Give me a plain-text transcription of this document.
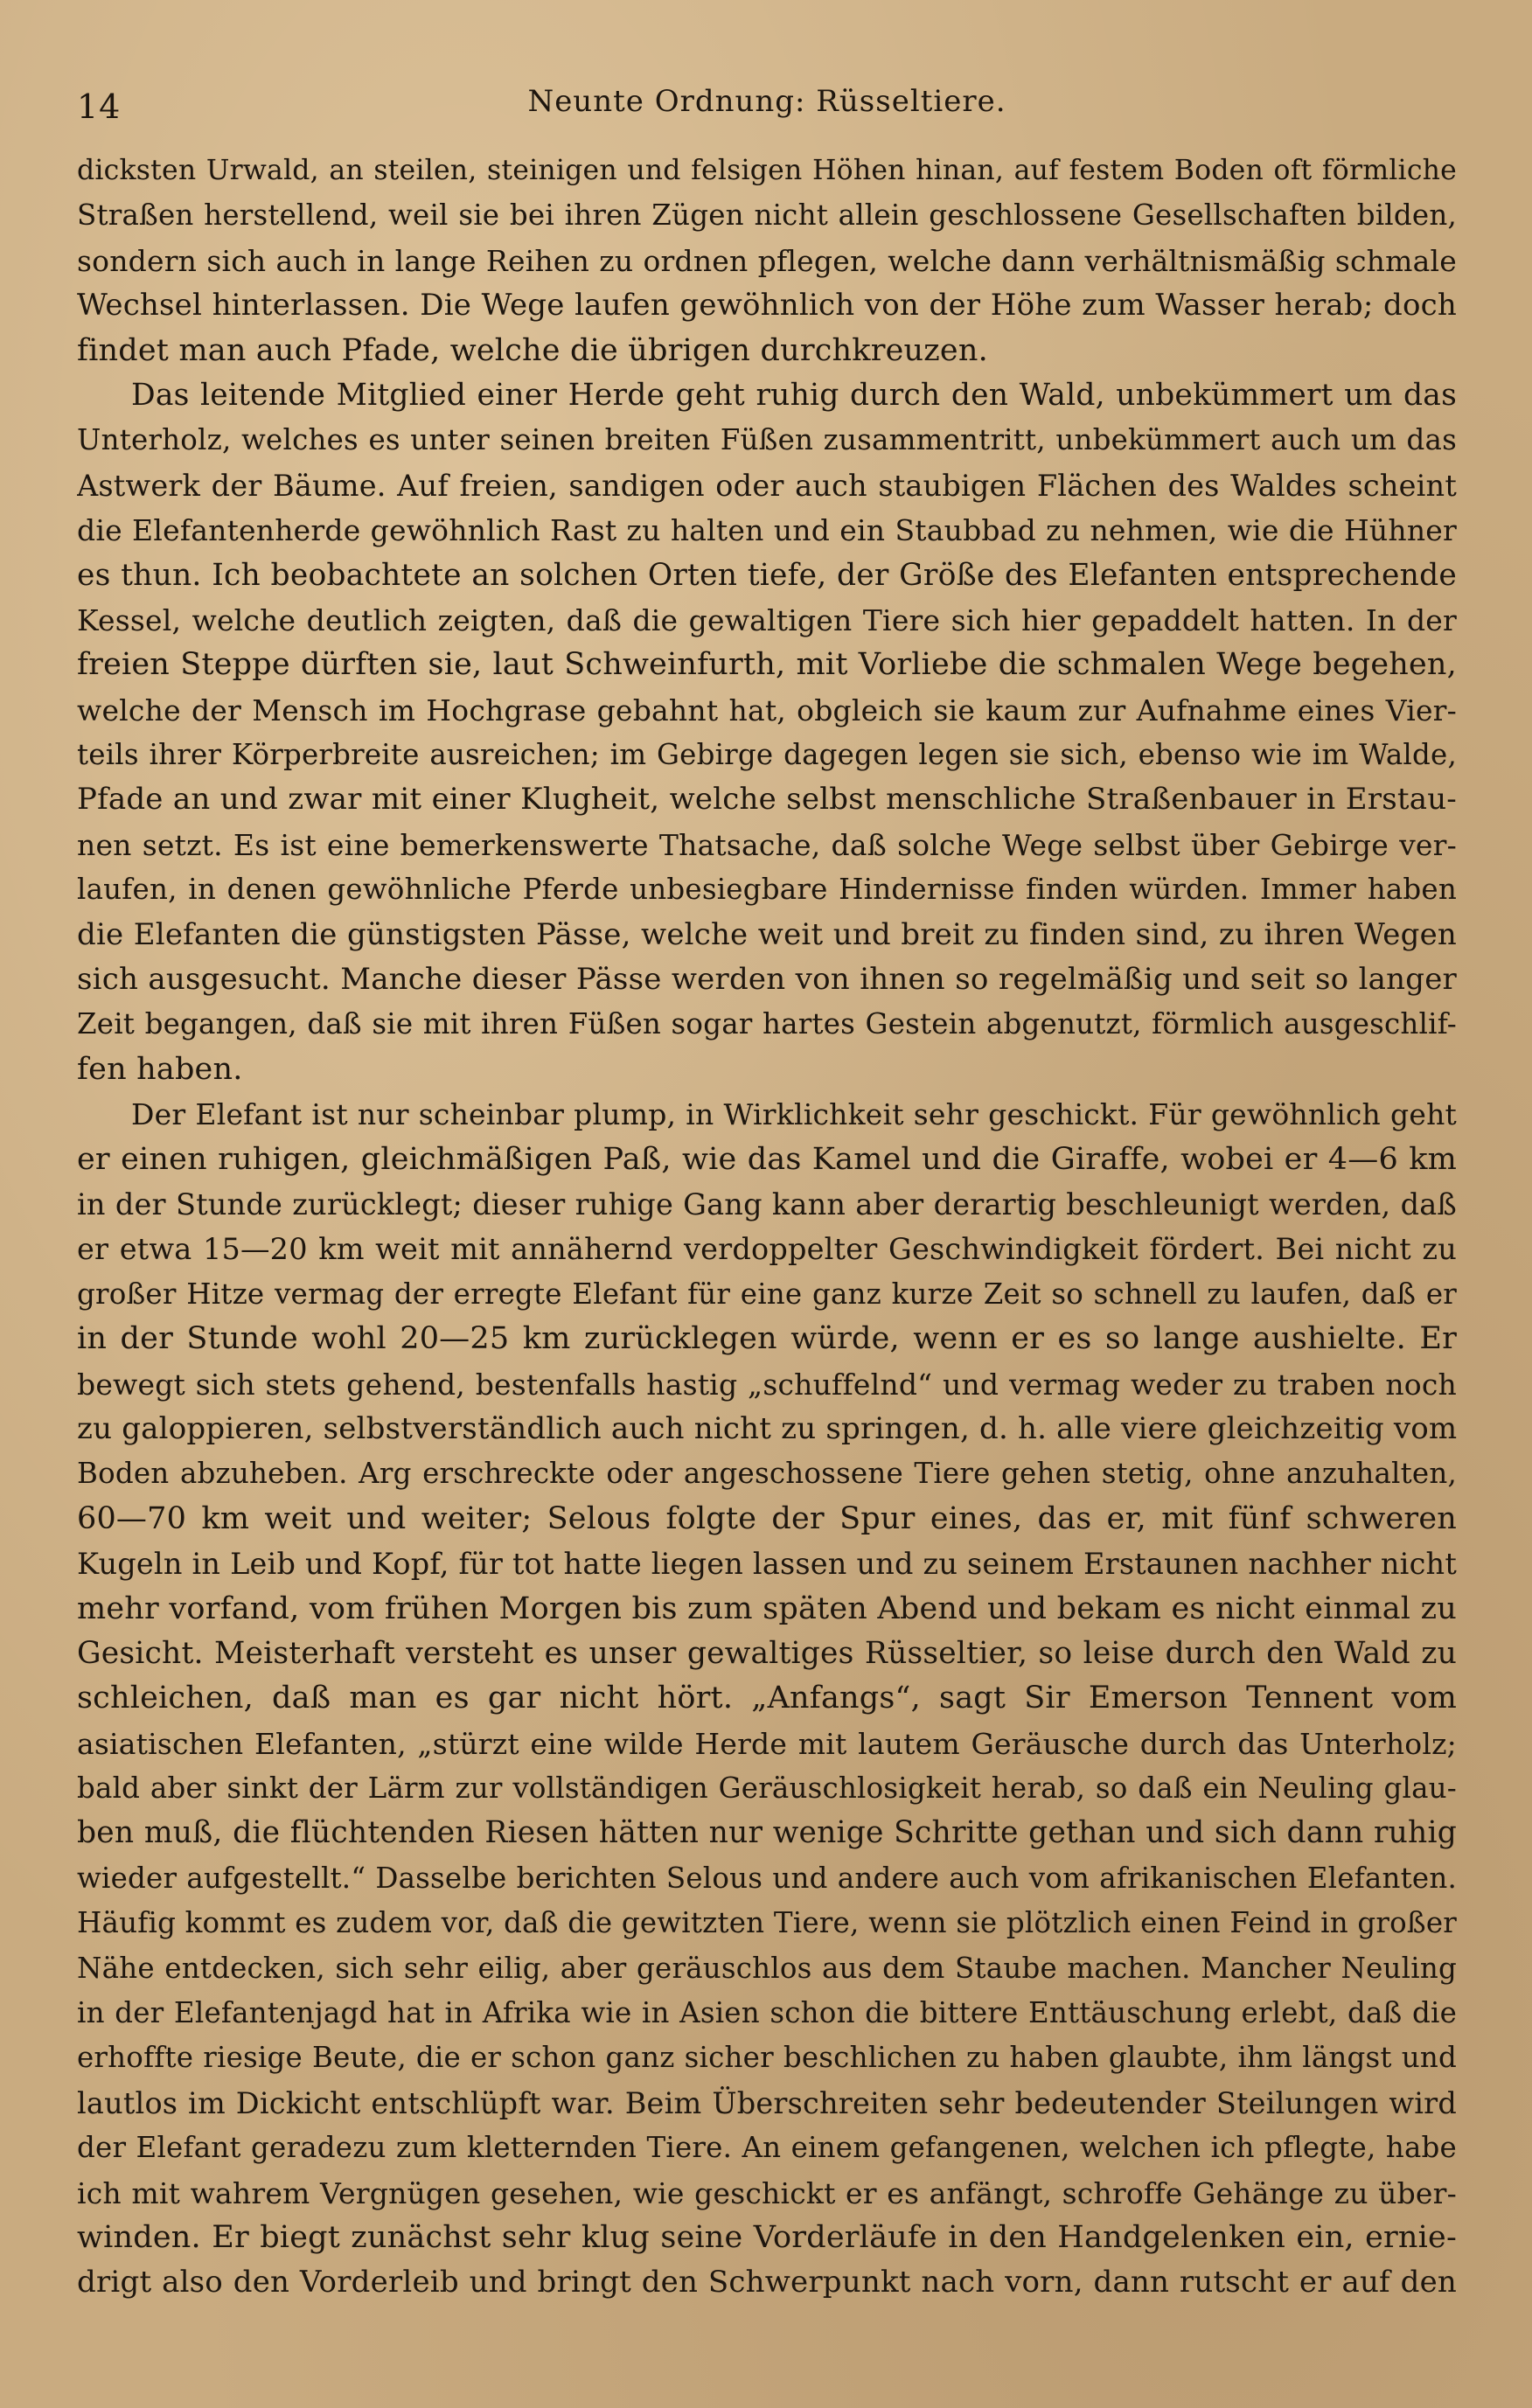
14	Neunte Ordnung: Rüsseltiere.
dicksten Urwald, an steilen, steinigen und felsigen Höhen hinan, auf festem Boden oft förmliche
Straßen herstellend, weil sie bei ihren Zügen nicht allein geschlossene Gesellschaften bilden,
sondern sich auch in lange Reihen zu ordnen pflegen, welche dann verhältnismäßig schmale
Wechsel hinterlassen. Die Wege laufen gewöhnlich von der Höhe zum Wasser herab; doch
findet man auch Pfade, welche die übrigen durchkreuzen.
Das leitende Mitglied einer Herde geht ruhig durch den Wald, unbekümmert um das
Unterholz, welches es unter seinen breiten Füßen zusammentritt, unbekümmert auch um das
Astwerk der Bäume. Auf freien, sandigen oder auch staubigen Flächen des Waldes scheint
die Elefantenherde gewöhnlich Rast zu halten und ein Staubbad zu nehmen, wie die Hühner
es thun. Ich beobachtete an solchen Orten tiefe, der Größe des Elefanten entsprechende
Kessel, welche deutlich zeigten, daß die gewaltigen Tiere sich hier gepaddelt hatten. In der
freien Steppe dürften sie, laut Schweinfurth, mit Vorliebe die schmalen Wege begehen,
welche der Mensch im Hochgrase gebahnt hat, obgleich sie kaum zur Aufnahme eines Vier-
teils ihrer Körperbreite ausreichen; im Gebirge dagegen legen sie sich, ebenso wie im Walde,
Pfade an und zwar mit einer Klugheit, welche selbst menschliche Straßenbauer in Erstau-
nen setzt. Es ist eine bemerkenswerte Thatsache, daß solche Wege selbst über Gebirge ver-
laufen, in denen gewöhnliche Pferde unbesiegbare Hindernisse finden würden. Immer haben
die Elefanten die günstigsten Pässe, welche weit und breit zu finden sind, zu ihren Wegen
sich ausgesucht. Manche dieser Pässe werden von ihnen so regelmäßig und seit so langer
Zeit begangen, daß sie mit ihren Füßen sogar hartes Gestein abgenutzt, förmlich ausgeschlif-
fen haben.
Der Elefant ist nur scheinbar plump, in Wirklichkeit sehr geschickt. Für gewöhnlich geht
er einen ruhigen, gleichmäßigen Paß, wie das Kamel und die Giraffe, wobei er 4—6 km
in der Stunde zurücklegt; dieser ruhige Gang kann aber derartig beschleunigt werden, daß
er etwa 15—20 km weit mit annähernd verdoppelter Geschwindigkeit fördert. Bei nicht zu
großer Hitze vermag der erregte Elefant für eine ganz kurze Zeit so schnell zu laufen, daß er
in der Stunde wohl 20—25 km zurücklegen würde, wenn er es so lange aushielte. Er
bewegt sich stets gehend, bestenfalls hastig „schuffelnd“ und vermag weder zu traben noch
zu galoppieren, selbstverständlich auch nicht zu springen, d. h. alle viere gleichzeitig vom
Boden abzuheben. Arg erschreckte oder angeschossene Tiere gehen stetig, ohne anzuhalten,
60—70 km weit und weiter; Selous folgte der Spur eines, das er, mit fünf schweren
Kugeln in Leib und Kopf, für tot hatte liegen lassen und zu seinem Erstaunen nachher nicht
mehr vorfand, vom frühen Morgen bis zum späten Abend und bekam es nicht einmal zu
Gesicht. Meisterhaft versteht es unser gewaltiges Rüsseltier, so leise durch den Wald zu
schleichen, daß man es gar nicht hört. „Anfangs“, sagt Sir Emerson Tennent vom
asiatischen Elefanten, „stürzt eine wilde Herde mit lautem Geräusche durch das Unterholz;
bald aber sinkt der Lärm zur vollständigen Geräuschlosigkeit herab, so daß ein Neuling glau-
ben muß, die flüchtenden Riesen hätten nur wenige Schritte gethan und sich dann ruhig
wieder aufgestellt.“ Dasselbe berichten Selous und andere auch vom afrikanischen Elefanten.
Häufig kommt es zudem vor, daß die gewitzten Tiere, wenn sie plötzlich einen Feind in großer
Nähe entdecken, sich sehr eilig, aber geräuschlos aus dem Staube machen. Mancher Neuling
in der Elefantenjagd hat in Afrika wie in Asien schon die bittere Enttäuschung erlebt, daß die
erhoffte riesige Beute, die er schon ganz sicher beschlichen zu haben glaubte, ihm längst und
lautlos im Dickicht entschlüpft war. Beim Überschreiten sehr bedeutender Steilungen wird
der Elefant geradezu zum kletternden Tiere. An einem gefangenen, welchen ich pflegte, habe
ich mit wahrem Vergnügen gesehen, wie geschickt er es anfängt, schroffe Gehänge zu über-
winden. Er biegt zunächst sehr klug seine Vorderläufe in den Handgelenken ein, ernie-
drigt also den Vorderleib und bringt den Schwerpunkt nach vorn, dann rutscht er auf den
